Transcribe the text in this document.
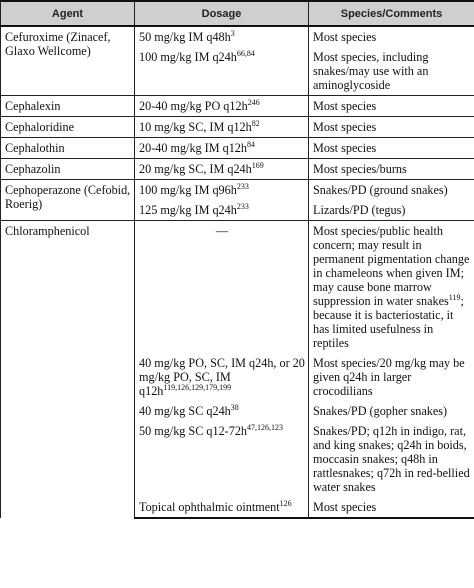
Agent	Dosage	Species/Comments

Cefuroxime (Zinacef, Glaxo Wellcome)	50 mg/kg IM $q48h^3$	Most species

	100 mg/kg IM $q24h^{66,84}$	Most species, including snakes/may use with an aminoglycoside

Cephalexin	20-40 mg/kg PO $q12h^{246}$	Most species

Cephaloridine	10 mg/kg SC, IM $q12h^{82}$	Most species

Cephalothin	20-40 mg/kg IM $q12h^{84}$	Most species

Cephazolin	20 mg/kg SC, IM $q24h^{169}$	Most species/burns

Cephoperazone (Cefobid, Roerig)	100 mg/kg IM $q96h^{233}$	Snakes/PD (ground snakes)

	125 mg/kg IM $q24h^{233}$	Lizards/PD (tegus)

Chloramphenicol	—	Most species/public health concern; may result in permanent pigmentation change in chameleons when given IM; may cause bone marrow suppression in water snakes$^{119}$; because it is bacteriostatic, it has limited usefulness in reptiles

	40 mg/kg PO, SC, IM q24h, or 20 mg/kg PO, SC, IM $q12h^{119,126,129,179,199}$	Most species/20 mg/kg may be given q24h in larger crocodilians

	40 mg/kg SC $q24h^{38}$	Snakes/PD (gopher snakes)

	50 mg/kg SC $q12-72h^{47,126,123}$	Snakes/PD; q12h in indigo, rat, and king snakes; q24h in boids, moccasin snakes; q48h in rattlesnakes; q72h in red-bellied water snakes

	Topical ophthalmic ointment$^{126}$	Most species
